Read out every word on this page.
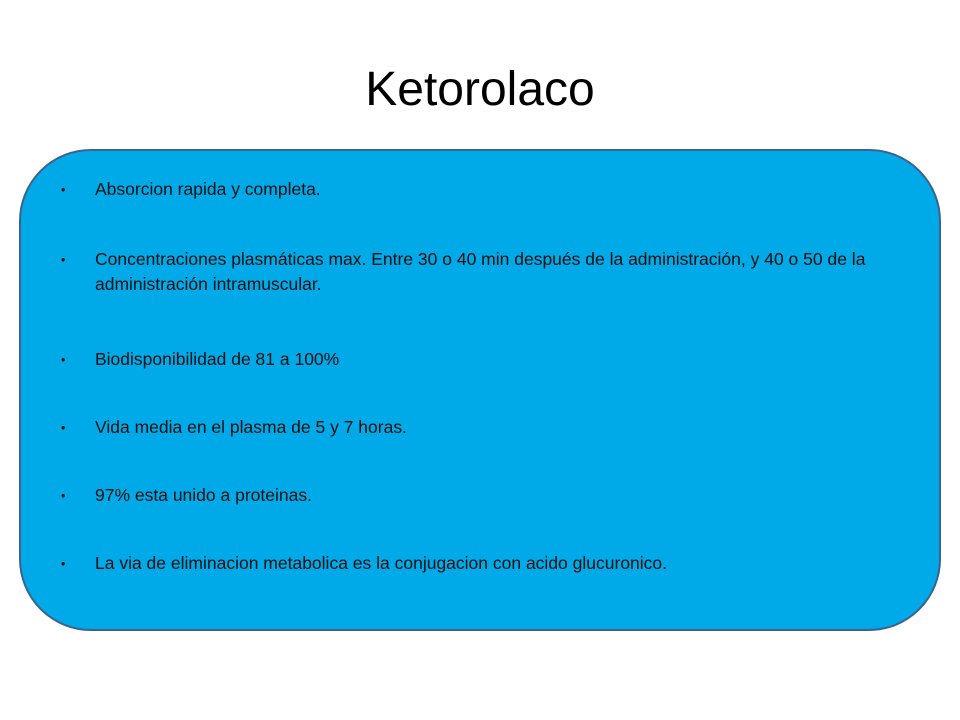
Ketorolaco
• Absorcion rapida y completa.
• Concentraciones plasmáticas max. Entre 30 o 40 min después de la administración, y 40 o 50 de la administración intramuscular.
• Biodisponibilidad de 81 a 100%
• Vida media en el plasma de 5 y 7 horas.
• 97% esta unido a proteinas.
• La via de eliminacion metabolica es la conjugacion con acido glucuronico.
